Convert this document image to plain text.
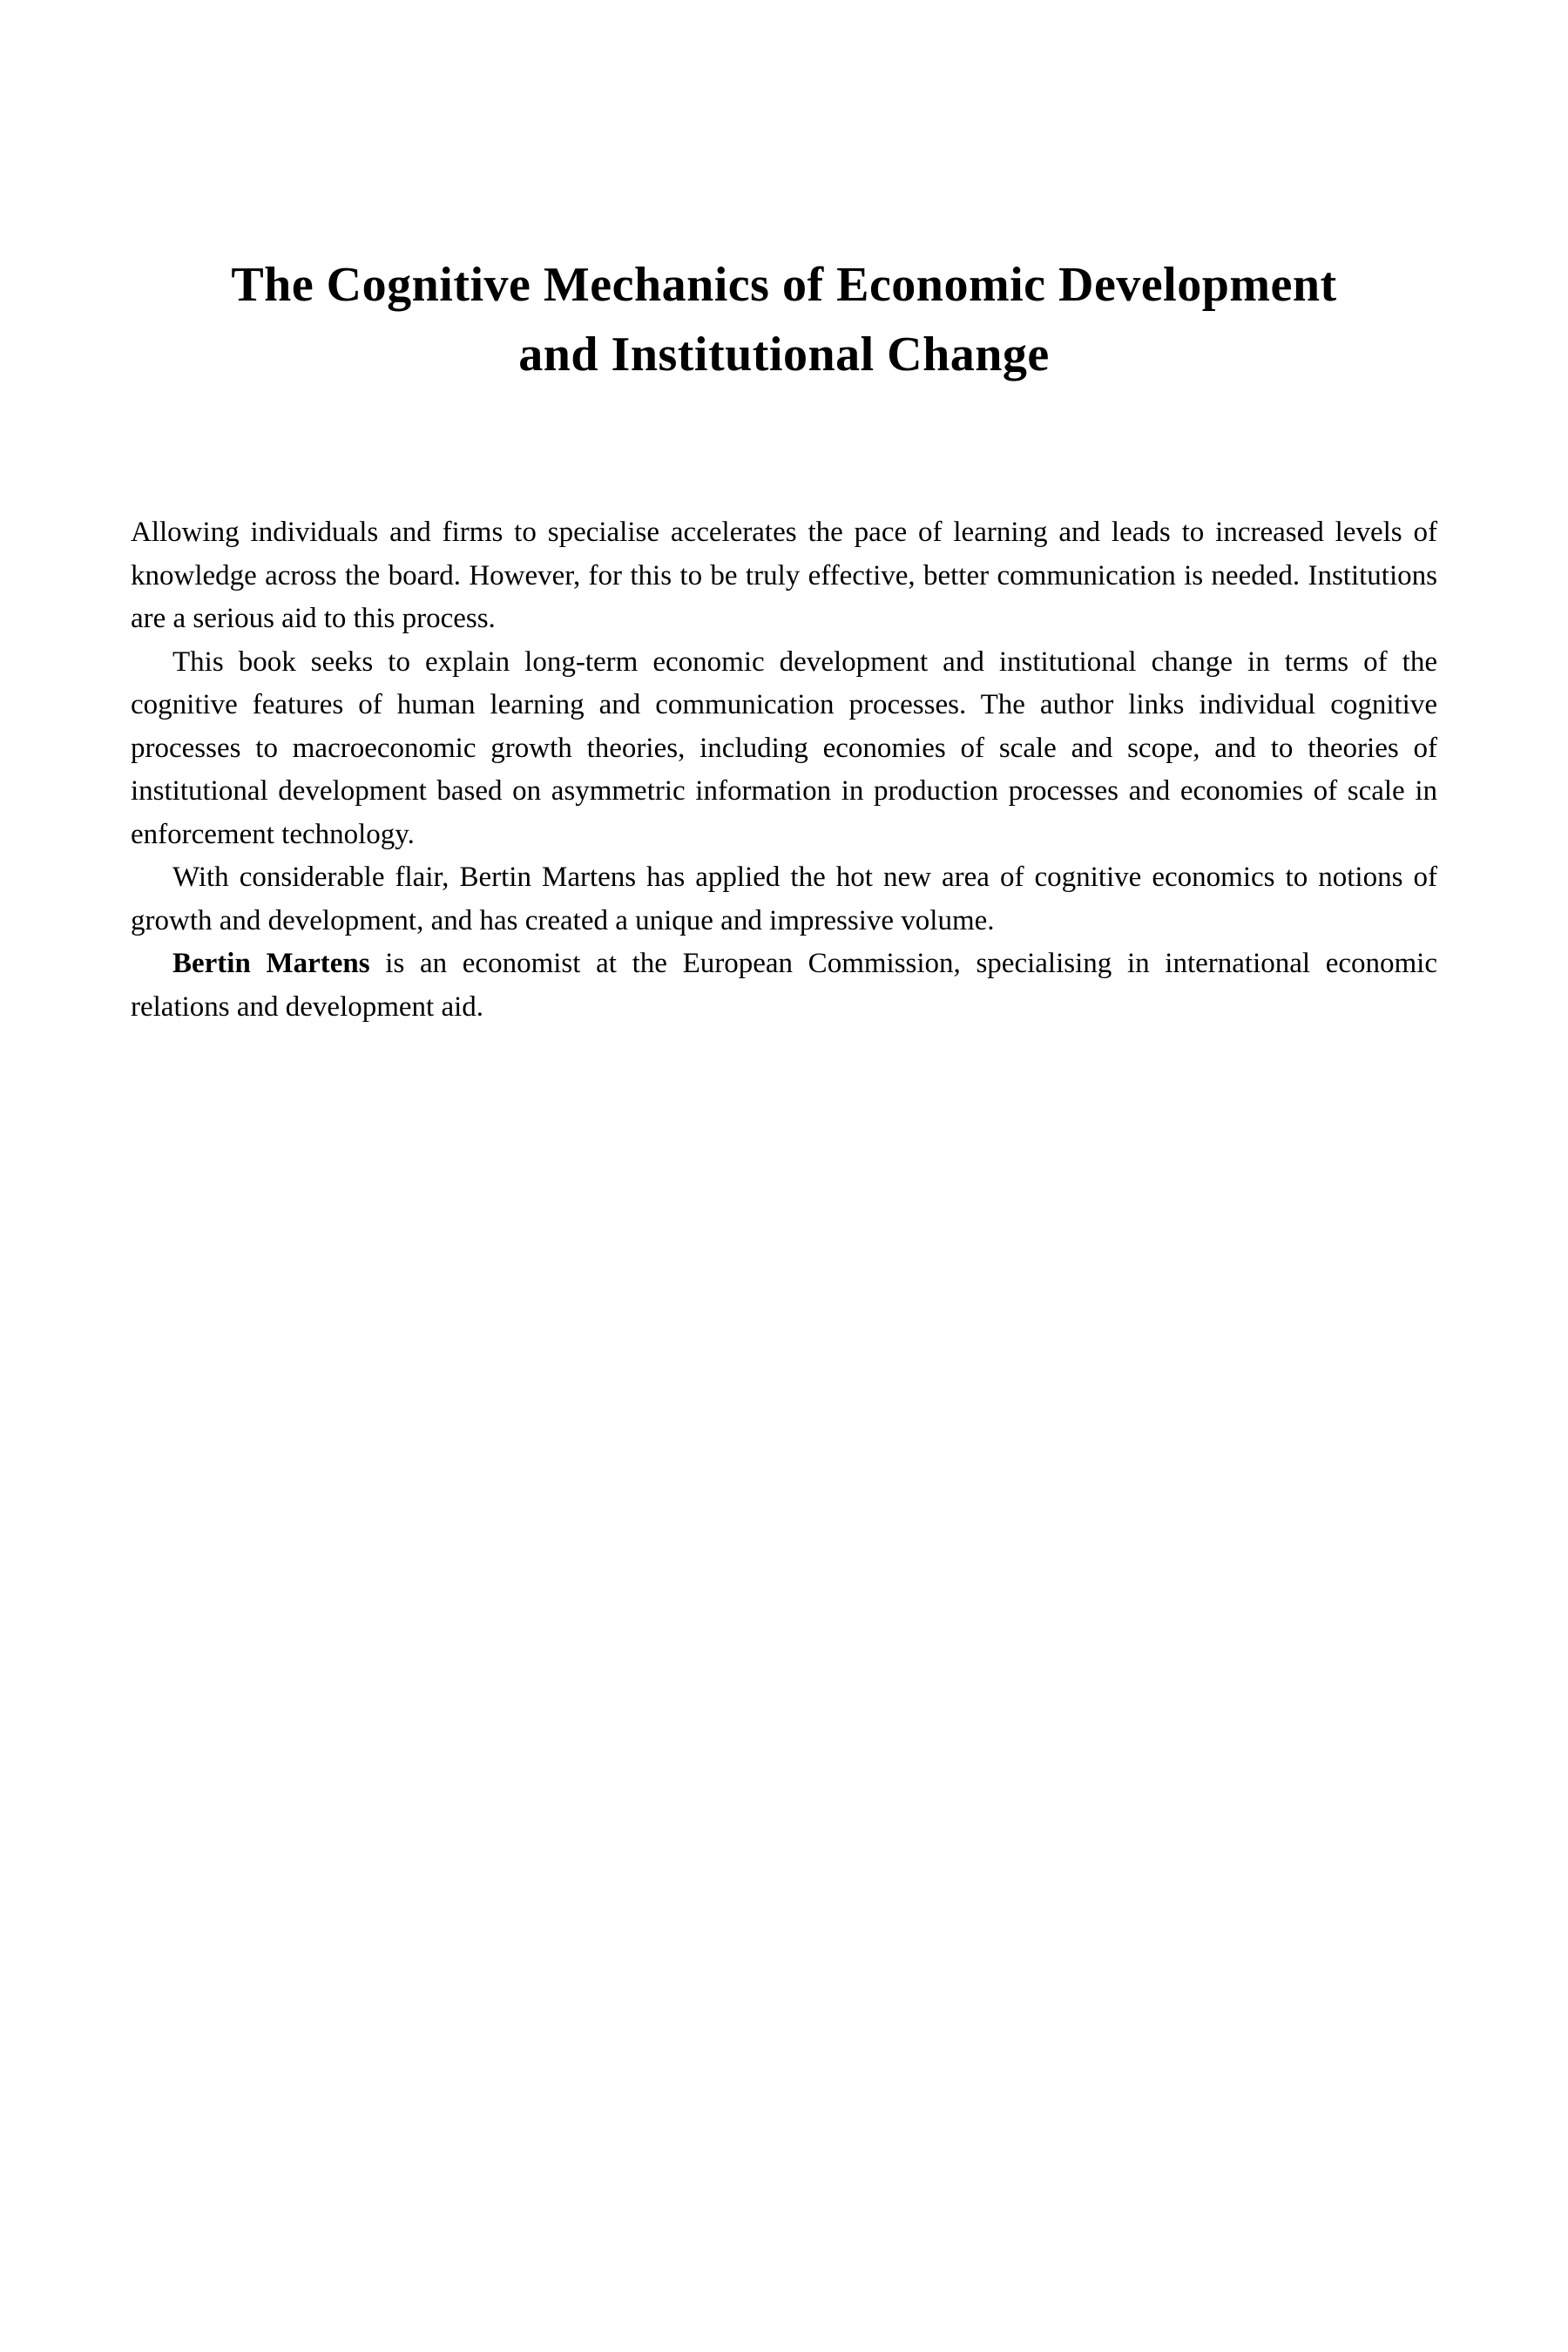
The Cognitive Mechanics of Economic Development
and Institutional Change

Allowing individuals and firms to specialise accelerates the pace of learning and leads to increased levels of knowledge across the board. However, for this to be truly effective, better communication is needed. Institutions are a serious aid to this process.

This book seeks to explain long-term economic development and institutional change in terms of the cognitive features of human learning and communication processes. The author links individual cognitive processes to macroeconomic growth theories, including economies of scale and scope, and to theories of institutional development based on asymmetric information in production processes and economies of scale in enforcement technology.

With considerable flair, Bertin Martens has applied the hot new area of cognitive economics to notions of growth and development, and has created a unique and impressive volume.

Bertin Martens is an economist at the European Commission, specialising in international economic relations and development aid.
